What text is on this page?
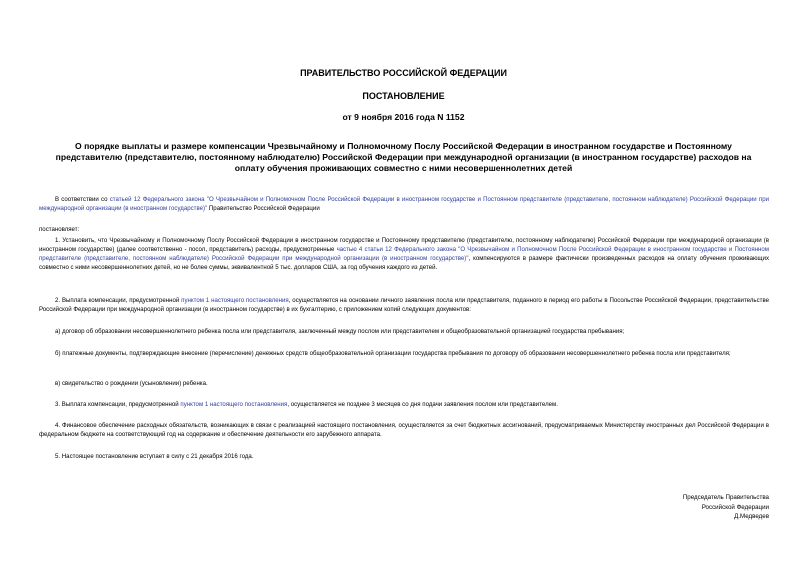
ПРАВИТЕЛЬСТВО РОССИЙСКОЙ ФЕДЕРАЦИИ
ПОСТАНОВЛЕНИЕ
от 9 ноября 2016 года N 1152
О порядке выплаты и размере компенсации Чрезвычайному и Полномочному Послу Российской Федерации в иностранном государстве и Постоянному представителю (представителю, постоянному наблюдателю) Российской Федерации при международной организации (в иностранном государстве) расходов на оплату обучения проживающих совместно с ними несовершеннолетних детей
В соответствии со статьей 12 Федерального закона "О Чрезвычайном и Полномочном После Российской Федерации в иностранном государстве и Постоянном представителе (представителе, постоянном наблюдателе) Российской Федерации при международной организации (в иностранном государстве)" Правительство Российской Федерации
постановляет:
1. Установить, что Чрезвычайному и Полномочному Послу Российской Федерации в иностранном государстве и Постоянному представителю (представителю, постоянному наблюдателю) Российской Федерации при международной организации (в иностранном государстве) (далее соответственно - посол, представитель) расходы, предусмотренные частью 4 статьи 12 Федерального закона "О Чрезвычайном и Полномочном После Российской Федерации в иностранном государстве и Постоянном представителе (представителе, постоянном наблюдателе) Российской Федерации при международной организации (в иностранном государстве)", компенсируются в размере фактически произведенных расходов на оплату обучения проживающих совместно с ними несовершеннолетних детей, но не более суммы, эквивалентной 5 тыс. долларов США, за год обучения каждого из детей.
2. Выплата компенсации, предусмотренной пунктом 1 настоящего постановления, осуществляется на основании личного заявления посла или представителя, поданного в период его работы в Посольстве Российской Федерации, представительстве Российской Федерации при международной организации (в иностранном государстве) в их бухгалтерию, с приложением копий следующих документов:
а) договор об образовании несовершеннолетнего ребенка посла или представителя, заключенный между послом или представителем и общеобразовательной организацией государства пребывания;
б) платежные документы, подтверждающие внесение (перечисление) денежных средств общеобразовательной организации государства пребывания по договору об образовании несовершеннолетнего ребенка посла или представителя;
в) свидетельство о рождении (усыновлении) ребенка.
3. Выплата компенсации, предусмотренной пунктом 1 настоящего постановления, осуществляется не позднее 3 месяцев со дня подачи заявления послом или представителем.
4. Финансовое обеспечение расходных обязательств, возникающих в связи с реализацией настоящего постановления, осуществляется за счет бюджетных ассигнований, предусматриваемых Министерству иностранных дел Российской Федерации в федеральном бюджете на соответствующий год на содержание и обеспечение деятельности его зарубежного аппарата.
5. Настоящее постановление вступает в силу с 21 декабря 2016 года.
Председатель Правительства
Российской Федерации
Д.Медведев
